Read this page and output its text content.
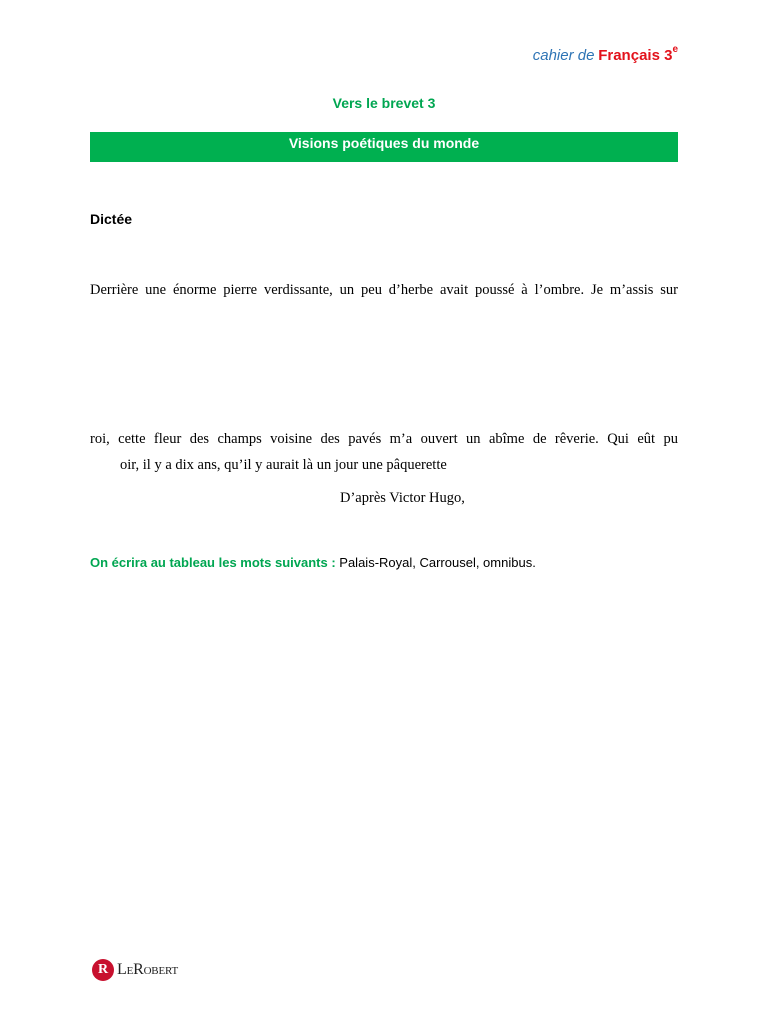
cahier de Français 3e
Vers le brevet 3
Visions poétiques du monde
Dictée
Derrière une énorme pierre verdissante, un peu d’herbe avait poussé à l’ombre. Je m’assis sur
roi, cette fleur des champs voisine des pavés m’a ouvert un abîme de rêverie. Qui eût pu
oir, il y a dix ans, qu’il y aurait là un jour une pâquerette
D’après Victor Hugo,
On écrira au tableau les mots suivants : Palais-Royal, Carrousel, omnibus.
R LeRobert
